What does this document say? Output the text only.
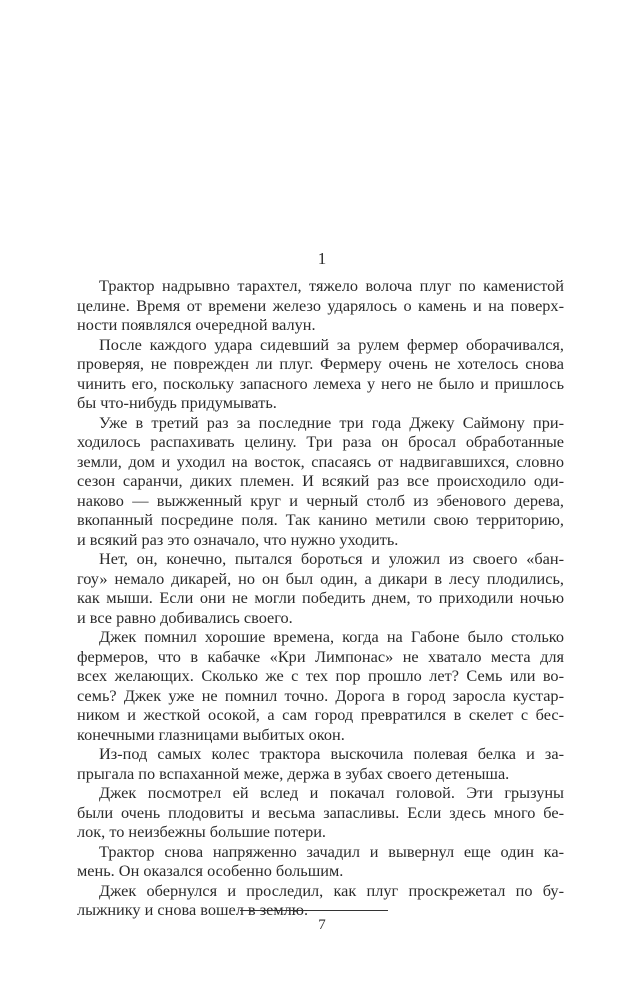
1
Трактор надрывно тарахтел, тяжело волоча плуг по каменистой
целине. Время от времени железо ударялось о камень и на поверх-
ности появлялся очередной валун.
После каждого удара сидевший за рулем фермер оборачивался,
проверяя, не поврежден ли плуг. Фермеру очень не хотелось снова
чинить его, поскольку запасного лемеха у него не было и пришлось
бы что-нибудь придумывать.
Уже в третий раз за последние три года Джеку Саймону при-
ходилось распахивать целину. Три раза он бросал обработанные
земли, дом и уходил на восток, спасаясь от надвигавшихся, словно
сезон саранчи, диких племен. И всякий раз все происходило оди-
наково — выжженный круг и черный столб из эбенового дерева,
вкопанный посредине поля. Так канино метили свою территорию,
и всякий раз это означало, что нужно уходить.
Нет, он, конечно, пытался бороться и уложил из своего «бан-
гоу» немало дикарей, но он был один, а дикари в лесу плодились,
как мыши. Если они не могли победить днем, то приходили ночью
и все равно добивались своего.
Джек помнил хорошие времена, когда на Габоне было столько
фермеров, что в кабачке «Кри Лимпонас» не хватало места для
всех желающих. Сколько же с тех пор прошло лет? Семь или во-
семь? Джек уже не помнил точно. Дорога в город заросла кустар-
ником и жесткой осокой, а сам город превратился в скелет с бес-
конечными глазницами выбитых окон.
Из-под самых колес трактора выскочила полевая белка и за-
прыгала по вспаханной меже, держа в зубах своего детеныша.
Джек посмотрел ей вслед и покачал головой. Эти грызуны
были очень плодовиты и весьма запасливы. Если здесь много бе-
лок, то неизбежны большие потери.
Трактор снова напряженно зачадил и вывернул еще один ка-
мень. Он оказался особенно большим.
Джек обернулся и проследил, как плуг проскрежетал по бу-
лыжнику и снова вошел в землю.
7
